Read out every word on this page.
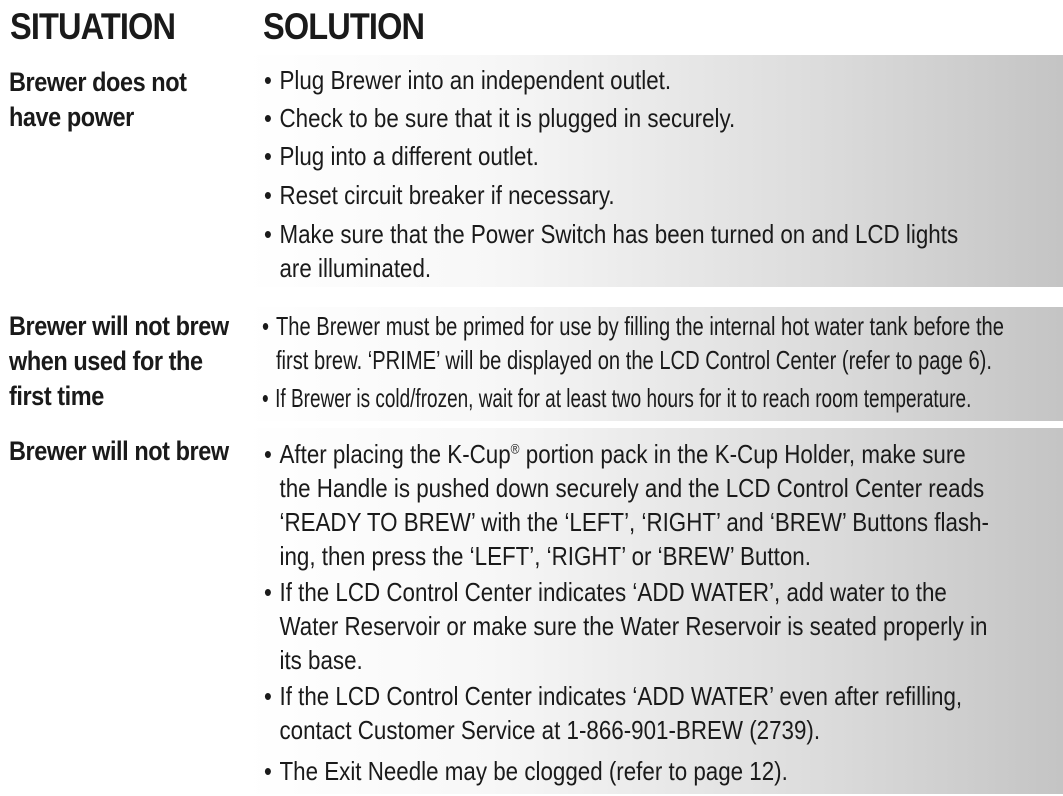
SITUATION SOLUTION
Brewer does not
have power
• Plug Brewer into an independent outlet.
• Check to be sure that it is plugged in securely.
• Plug into a different outlet.
• Reset circuit breaker if necessary.
• Make sure that the Power Switch has been turned on and LCD lights
are illuminated.
Brewer will not brew
when used for the
first time
• The Brewer must be primed for use by filling the internal hot water tank before the
first brew. ‘PRIME’ will be displayed on the LCD Control Center (refer to page 6).
• If Brewer is cold/frozen, wait for at least two hours for it to reach room temperature.
Brewer will not brew	• After placing the K-Cup® portion pack in the K-Cup Holder, make sure
the Handle is pushed down securely and the LCD Control Center reads
‘READY TO BREW’ with the ‘LEFT’, ‘RIGHT’ and ‘BREW’ Buttons flash-
ing, then press the ‘LEFT’, ‘RIGHT’ or ‘BREW’ Button.
• If the LCD Control Center indicates ‘ADD WATER’, add water to the
Water Reservoir or make sure the Water Reservoir is seated properly in
its base.
• If the LCD Control Center indicates ‘ADD WATER’ even after refilling,
contact Customer Service at 1-866-901-BREW (2739).
• The Exit Needle may be clogged (refer to page 12).
